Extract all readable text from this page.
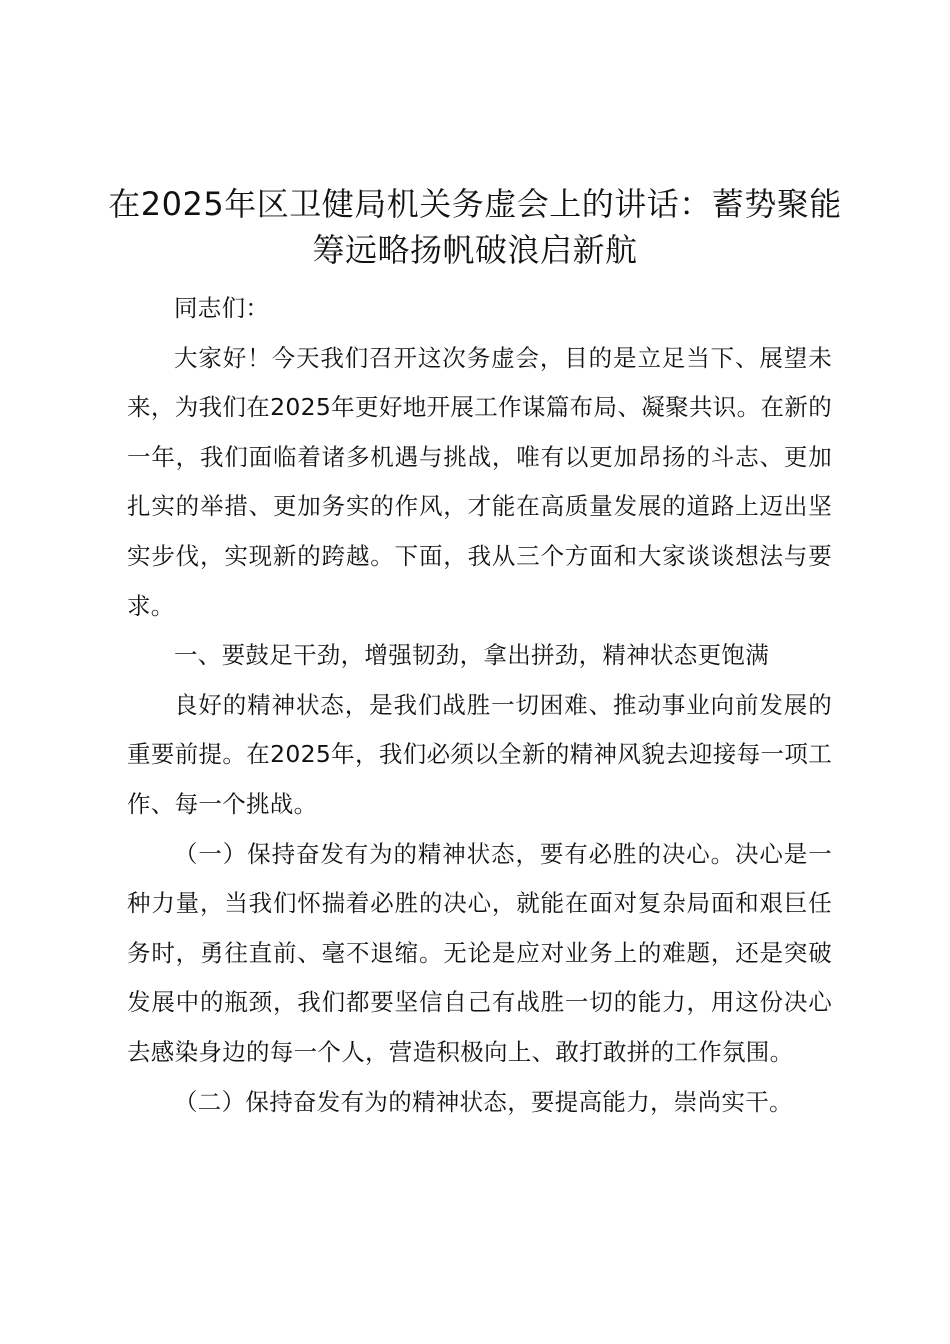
在2025年区卫健局机关务虚会上的讲话：蓄势聚能筹远略扬帆破浪启新航

同志们：

大家好！今天我们召开这次务虚会，目的是立足当下、展望未来，为我们在2025年更好地开展工作谋篇布局、凝聚共识。在新的一年，我们面临着诸多机遇与挑战，唯有以更加昂扬的斗志、更加扎实的举措、更加务实的作风，才能在高质量发展的道路上迈出坚实步伐，实现新的跨越。下面，我从三个方面和大家谈谈想法与要求。

一、要鼓足干劲，增强韧劲，拿出拼劲，精神状态更饱满

良好的精神状态，是我们战胜一切困难、推动事业向前发展的重要前提。在2025年，我们必须以全新的精神风貌去迎接每一项工作、每一个挑战。

（一）保持奋发有为的精神状态，要有必胜的决心。决心是一种力量，当我们怀揣着必胜的决心，就能在面对复杂局面和艰巨任务时，勇往直前、毫不退缩。无论是应对业务上的难题，还是突破发展中的瓶颈，我们都要坚信自己有战胜一切的能力，用这份决心去感染身边的每一个人，营造积极向上、敢打敢拼的工作氛围。

（二）保持奋发有为的精神状态，要提高能力，崇尚实干。
